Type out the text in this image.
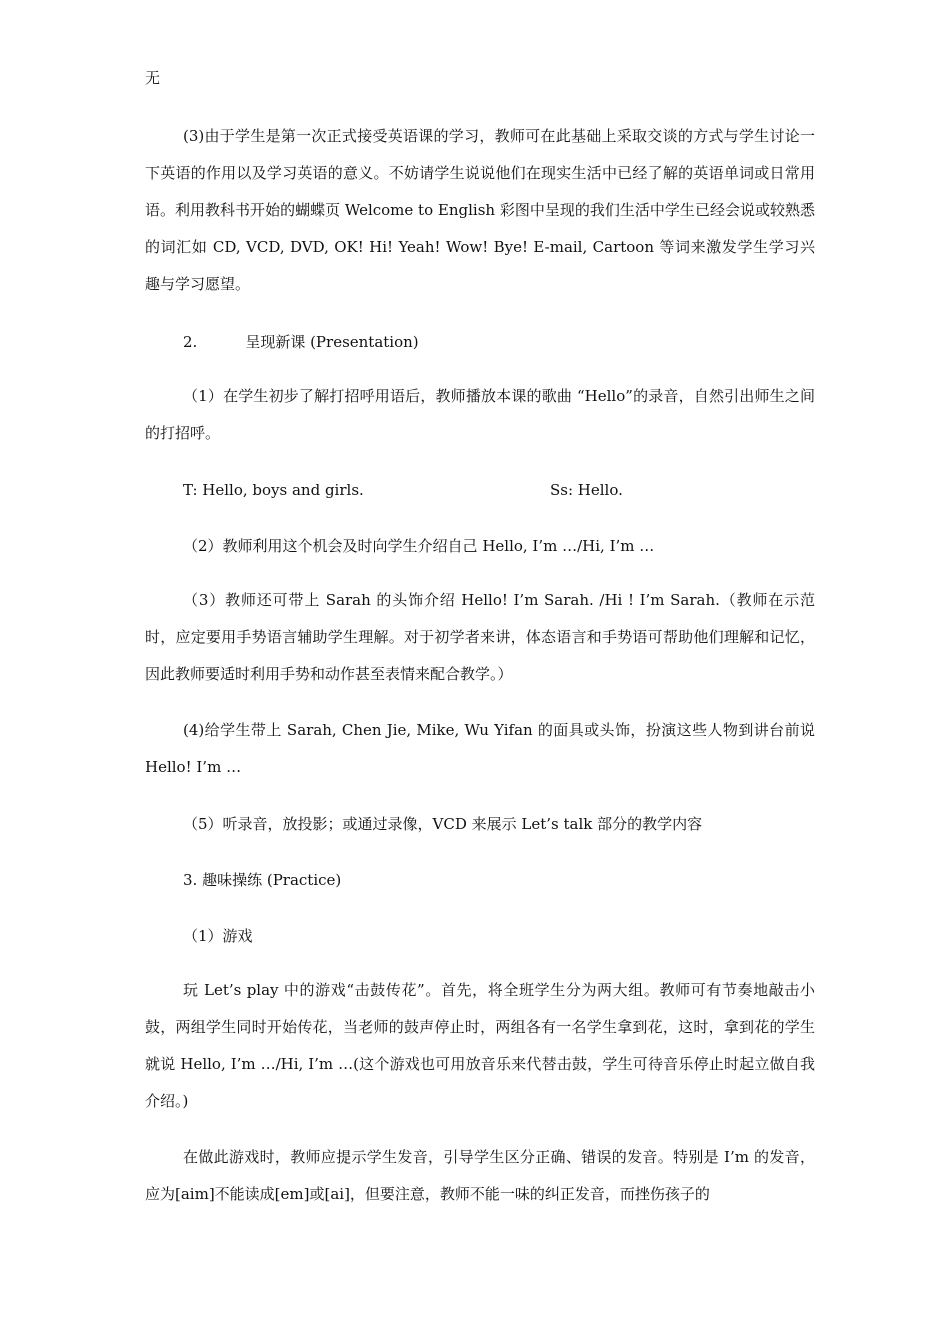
无

(3)由于学生是第一次正式接受英语课的学习，教师可在此基础上采取交谈的方式与学生讨论一下英语的作用以及学习英语的意义。不妨请学生说说他们在现实生活中已经了解的英语单词或日常用语。利用教科书开始的蝴蝶页 Welcome to English 彩图中呈现的我们生活中学生已经会说或较熟悉的词汇如 CD, VCD, DVD, OK! Hi! Yeah! Wow! Bye! E-mail, Cartoon 等词来激发学生学习兴趣与学习愿望。

2.	呈现新课 (Presentation)

（1）在学生初步了解打招呼用语后，教师播放本课的歌曲 “Hello”的录音，自然引出师生之间的打招呼。

T: Hello, boys and girls.	Ss: Hello.

（2）教师利用这个机会及时向学生介绍自己 Hello, I’m …/Hi, I’m …

（3）教师还可带上 Sarah 的头饰介绍 Hello! I’m Sarah. /Hi ! I’m Sarah.（教师在示范时，应定要用手势语言辅助学生理解。对于初学者来讲，体态语言和手势语可帮助他们理解和记忆，因此教师要适时利用手势和动作甚至表情来配合教学。）

(4)给学生带上 Sarah, Chen Jie, Mike, Wu Yifan 的面具或头饰，扮演这些人物到讲台前说 Hello! I’m …

（5）听录音，放投影；或通过录像，VCD 来展示 Let’s talk 部分的教学内容

3. 趣味操练 (Practice)

（1）游戏

玩 Let’s play 中的游戏“击鼓传花”。首先，将全班学生分为两大组。教师可有节奏地敲击小鼓，两组学生同时开始传花，当老师的鼓声停止时，两组各有一名学生拿到花，这时，拿到花的学生就说 Hello, I’m …/Hi, I’m …(这个游戏也可用放音乐来代替击鼓，学生可待音乐停止时起立做自我介绍。)

在做此游戏时，教师应提示学生发音，引导学生区分正确、错误的发音。特别是 I’m 的发音，应为[aim]不能读成[em]或[ai]，但要注意，教师不能一味的纠正发音，而挫伤孩子的
